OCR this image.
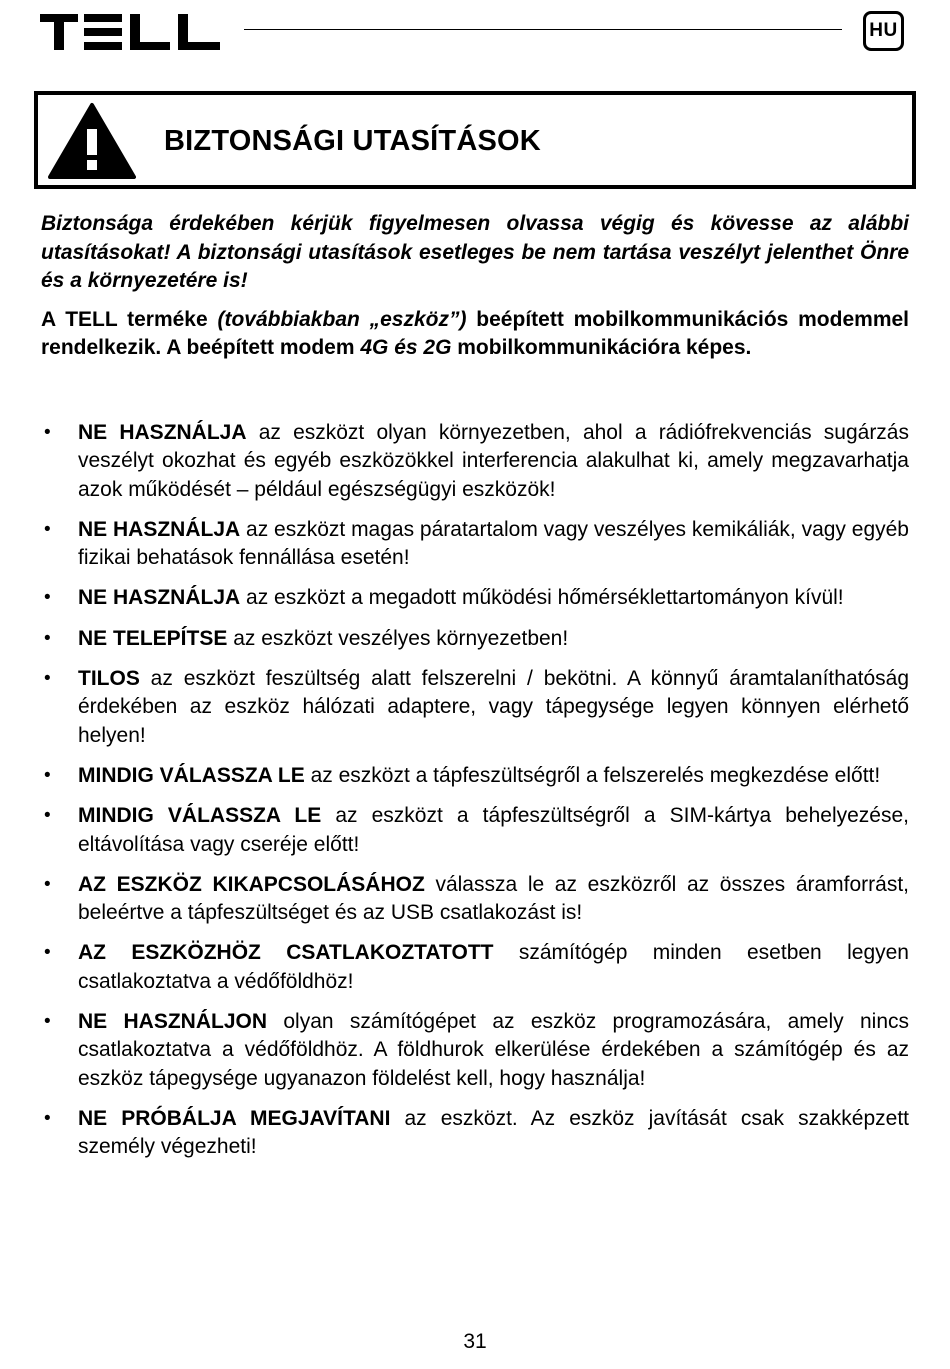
HU
BIZTONSÁGI UTASÍTÁSOK

Biztonsága érdekében kérjük figyelmesen olvassa végig és kövesse az alábbi utasításokat! A biztonsági utasítások esetleges be nem tartása veszélyt jelenthet Önre és a környezetére is!

A TELL terméke (továbbiakban „eszköz”) beépített mobilkommunikációs modemmel rendelkezik. A beépített modem 4G és 2G mobilkommunikációra képes.

• NE HASZNÁLJA az eszközt olyan környezetben, ahol a rádiófrekvenciás sugárzás veszélyt okozhat és egyéb eszközökkel interferencia alakulhat ki, amely megzavarhatja azok működését – például egészségügyi eszközök!
• NE HASZNÁLJA az eszközt magas páratartalom vagy veszélyes kemikáliák, vagy egyéb fizikai behatások fennállása esetén!
• NE HASZNÁLJA az eszközt a megadott működési hőmérséklettartományon kívül!
• NE TELEPÍTSE az eszközt veszélyes környezetben!
• TILOS az eszközt feszültség alatt felszerelni / bekötni. A könnyű áramtalaníthatóság érdekében az eszköz hálózati adaptere, vagy tápegysége legyen könnyen elérhető helyen!
• MINDIG VÁLASSZA LE az eszközt a tápfeszültségről a felszerelés megkezdése előtt!
• MINDIG VÁLASSZA LE az eszközt a tápfeszültségről a SIM-kártya behelyezése, eltávolítása vagy cseréje előtt!
• AZ ESZKÖZ KIKAPCSOLÁSÁHOZ válassza le az eszközről az összes áramforrást, beleértve a tápfeszültséget és az USB csatlakozást is!
• AZ ESZKÖZHÖZ CSATLAKOZTATOTT számítógép minden esetben legyen csatlakoztatva a védőföldhöz!
• NE HASZNÁLJON olyan számítógépet az eszköz programozására, amely nincs csatlakoztatva a védőföldhöz. A földhurok elkerülése érdekében a számítógép és az eszköz tápegysége ugyanazon földelést kell, hogy használja!
• NE PRÓBÁLJA MEGJAVÍTANI az eszközt. Az eszköz javítását csak szakképzett személy végezheti!
31
